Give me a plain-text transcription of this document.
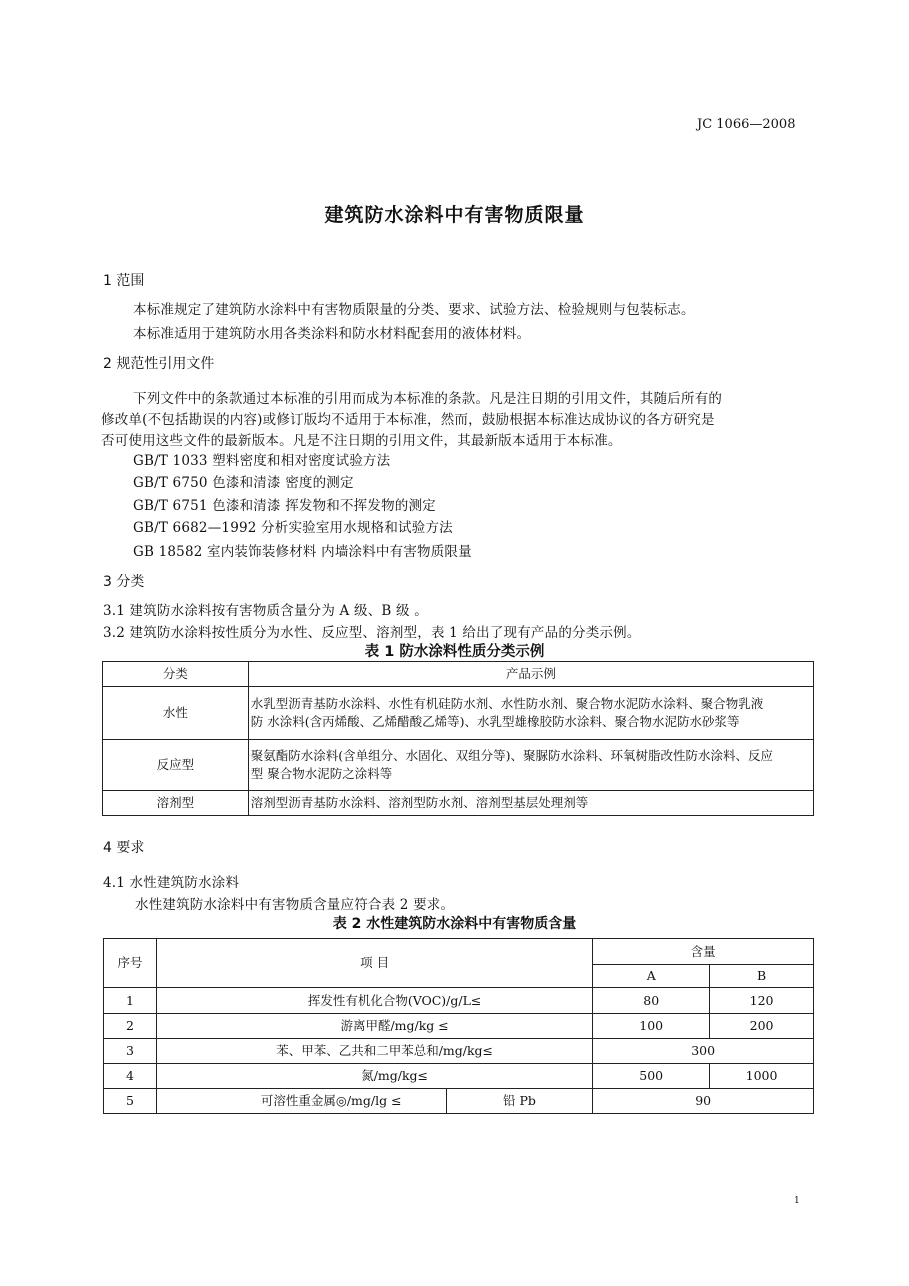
JC 1066—2008
建筑防水涂料中有害物质限量
1 范围
本标准规定了建筑防水涂料中有害物质限量的分类、要求、试验方法、检验规则与包装标志。
本标准适用于建筑防水用各类涂料和防水材料配套用的液体材料。
2 规范性引用文件
下列文件中的条款通过本标准的引用而成为本标准的条款。凡是注日期的引用文件，其随后所有的
修改单(不包括勘误的内容)或修订版均不适用于本标准，然而，鼓励根据本标准达成协议的各方研究是
否可使用这些文件的最新版本。凡是不注日期的引用文件，其最新版本适用于本标准。
GB/T 1033 塑料密度和相对密度试验方法
GB/T 6750 色漆和清漆 密度的测定
GB/T 6751 色漆和清漆 挥发物和不挥发物的测定
GB/T 6682—1992 分析实验室用水规格和试验方法
GB 18582 室内装饰装修材料 内墙涂料中有害物质限量
3 分类
3.1 建筑防水涂料按有害物质含量分为 A 级、B 级 。
3.2 建筑防水涂料按性质分为水性、反应型、溶剂型，表 1 给出了现有产品的分类示例。
表 1 防水涂料性质分类示例
分类	产品示例
水性	水乳型沥青基防水涂料、水性有机硅防水剂、水性防水剂、聚合物水泥防水涂料、聚合物乳液
防 水涂料(含丙烯酸、乙烯醋酸乙烯等)、水乳型雄橡胶防水涂料、聚合物水泥防水砂浆等

反应型	聚氨酯防水涂料(含单组分、水固化、双组分等)、聚脲防水涂料、环氧树脂改性防水涂料、反应
型 聚合物水泥防之涂料等

溶剂型	溶剂型沥青基防水涂料、溶剂型防水剂、溶剂型基层处理剂等
4 要求
4.1 水性建筑防水涂料
水性建筑防水涂料中有害物质含量应符合表 2 要求。
表 2 水性建筑防水涂料中有害物质含量
序号	项 目		含量	
			A	B
1	挥发性有机化合物(VOC)/g/L≤		80	120
2	游离甲醛/mg/kg ≤		100	200
3	苯、甲苯、乙共和二甲苯总和/mg/kg≤		300	
4	氮/mg/kg≤		500	1000
5	可溶性重金属◎/mg/lg ≤	铅 Pb	90	
1
